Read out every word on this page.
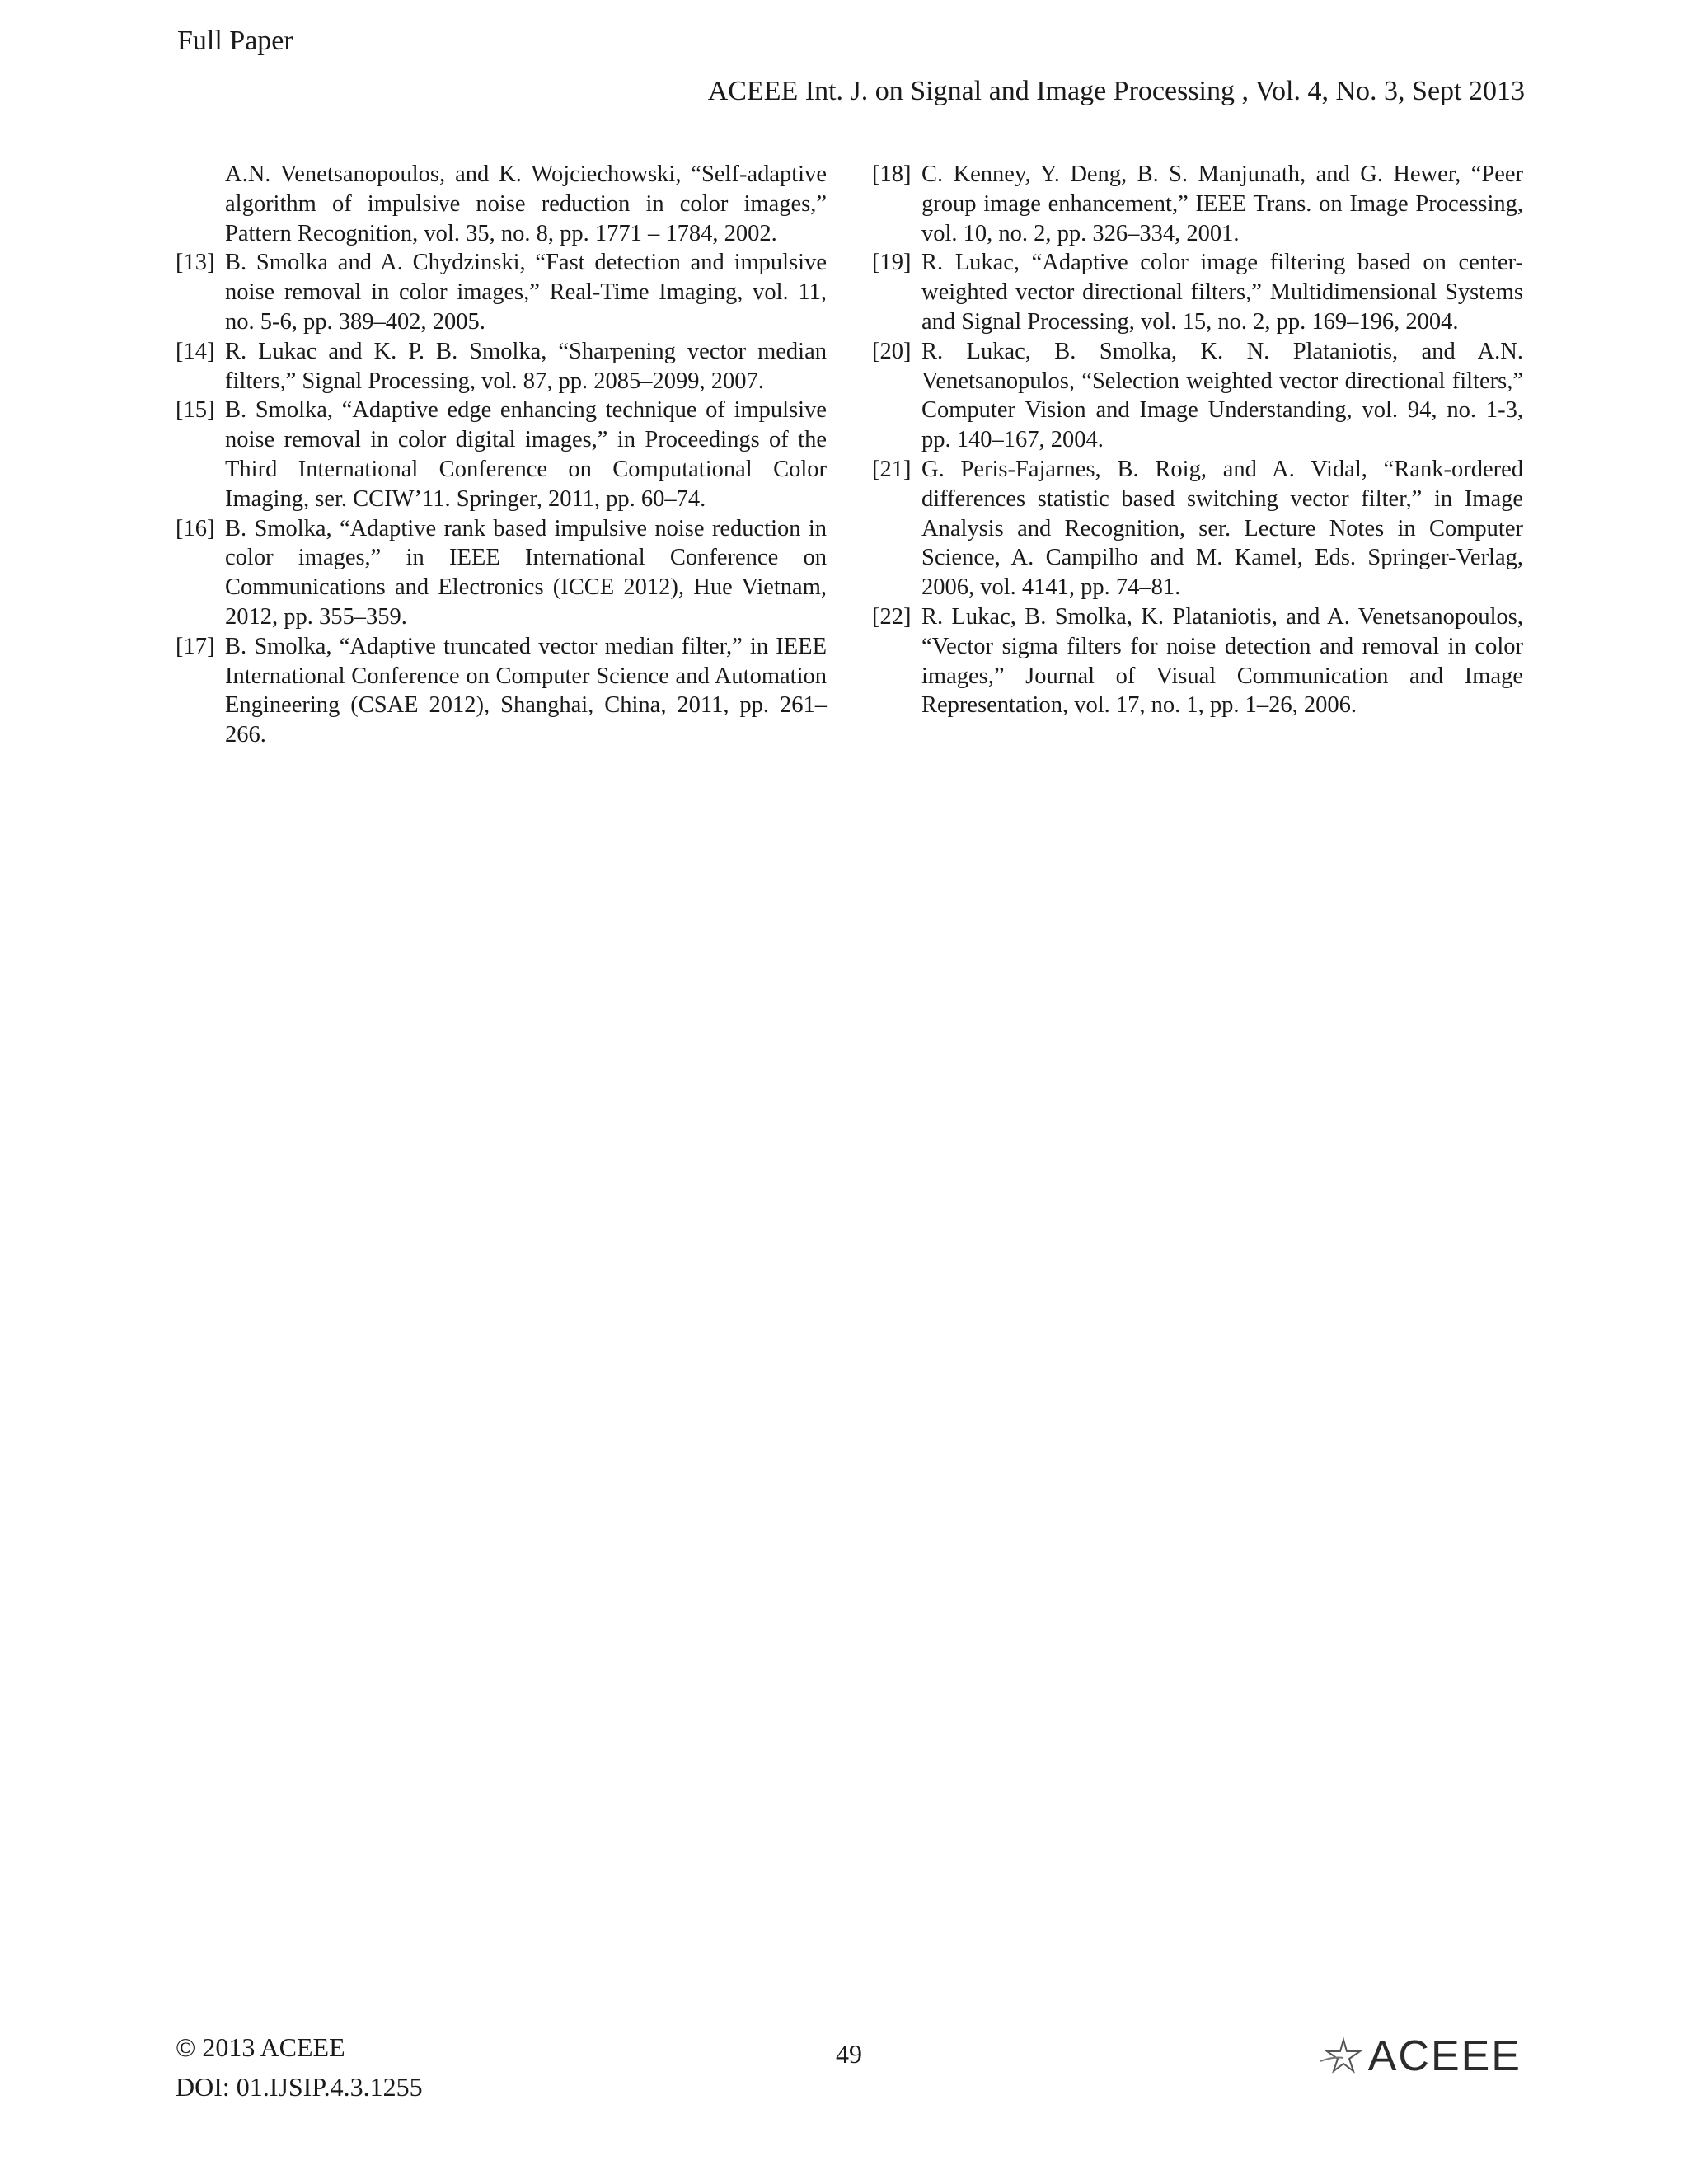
Full Paper
ACEEE Int. J. on Signal and Image Processing , Vol. 4, No. 3, Sept 2013

A.N. Venetsanopoulos, and K. Wojciechowski, “Self-adaptive algorithm of impulsive noise reduction in color images,” Pattern Recognition, vol. 35, no. 8, pp. 1771 – 1784, 2002.

[13] B. Smolka and A. Chydzinski, “Fast detection and impulsive noise removal in color images,” Real-Time Imaging, vol. 11, no. 5-6, pp. 389–402, 2005.

[14] R. Lukac and K. P. B. Smolka, “Sharpening vector median filters,” Signal Processing, vol. 87, pp. 2085–2099, 2007.

[15] B. Smolka, “Adaptive edge enhancing technique of impulsive noise removal in color digital images,” in Proceedings of the Third International Conference on Computational Color Imaging, ser. CCIW’11. Springer, 2011, pp. 60–74.

[16] B. Smolka, “Adaptive rank based impulsive noise reduction in color images,” in IEEE International Conference on Communications and Electronics (ICCE 2012), Hue Vietnam, 2012, pp. 355–359.

[17] B. Smolka, “Adaptive truncated vector median filter,” in IEEE International Conference on Computer Science and Automation Engineering (CSAE 2012), Shanghai, China, 2011, pp. 261–266.

[18] C. Kenney, Y. Deng, B. S. Manjunath, and G. Hewer, “Peer group image enhancement,” IEEE Trans. on Image Processing, vol. 10, no. 2, pp. 326–334, 2001.

[19] R. Lukac, “Adaptive color image filtering based on center-weighted vector directional filters,” Multidimensional Systems and Signal Processing, vol. 15, no. 2, pp. 169–196, 2004.

[20] R. Lukac, B. Smolka, K. N. Plataniotis, and A.N. Venetsanopulos, “Selection weighted vector directional filters,” Computer Vision and Image Understanding, vol. 94, no. 1-3, pp. 140–167, 2004.

[21] G. Peris-Fajarnes, B. Roig, and A. Vidal, “Rank-ordered differences statistic based switching vector filter,” in Image Analysis and Recognition, ser. Lecture Notes in Computer Science, A. Campilho and M. Kamel, Eds. Springer-Verlag, 2006, vol. 4141, pp. 74–81.

[22] R. Lukac, B. Smolka, K. Plataniotis, and A. Venetsanopoulos, “Vector sigma filters for noise detection and removal in color images,” Journal of Visual Communication and Image Representation, vol. 17, no. 1, pp. 1–26, 2006.

© 2013 ACEEE
DOI: 01.IJSIP.4.3.1255
49	ACEEE
